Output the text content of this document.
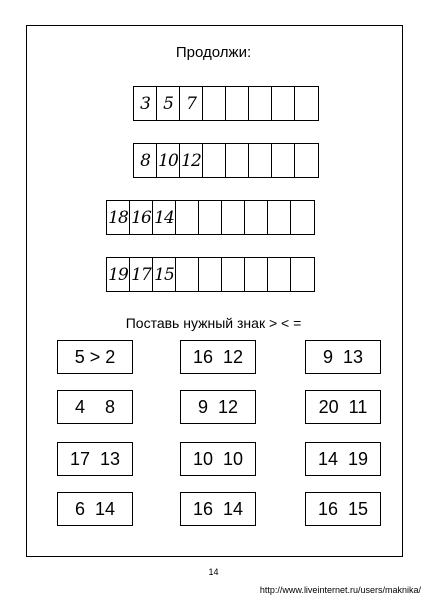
Продолжи:
3 5 7
8 10 12
18 16 14
19 17 15
Поставь нужный знак > < =
5 > 2	16  12	9  13
4    8	9  12	20  11
17  13	10  10	14  19
6  14	16  14	16  15
14
http://www.liveinternet.ru/users/maknika/
